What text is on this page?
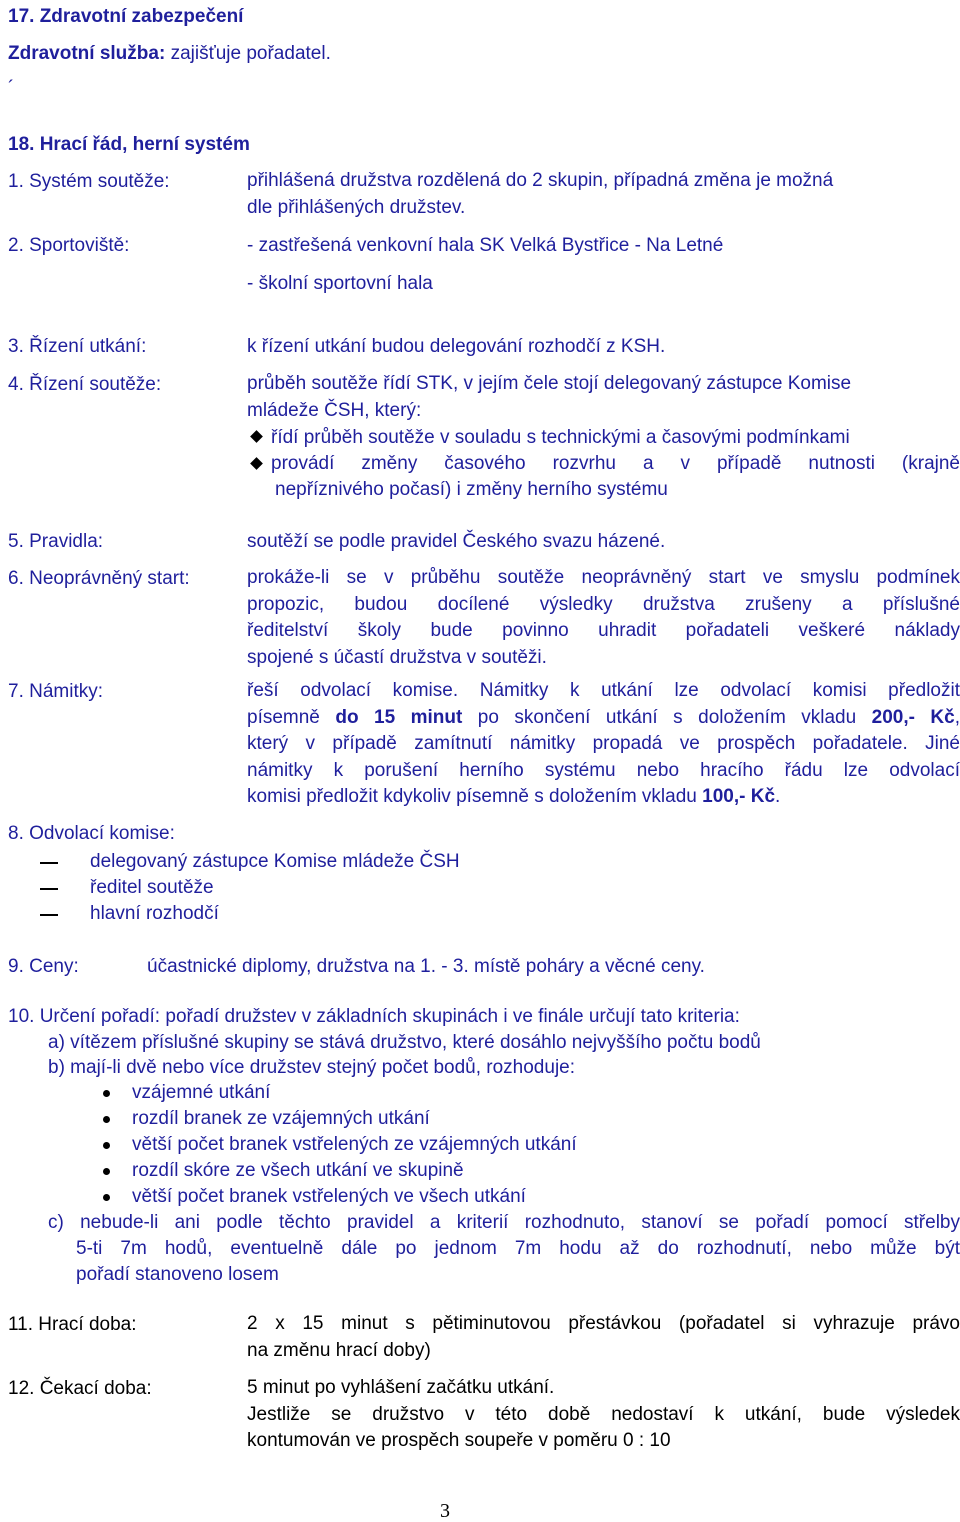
17. Zdravotní zabezpečení
Zdravotní služba: zajišťuje pořadatel.
´
18. Hrací řád, herní systém
1. Systém soutěže:	přihlášená družstva rozdělená do 2 skupin, případná změna je možná
dle přihlášených družstev.
2. Sportoviště:	- zastřešená venkovní hala SK Velká Bystřice - Na Letné
- školní sportovní hala
3. Řízení utkání:	k řízení utkání budou delegování rozhodčí z KSH.
4. Řízení soutěže:	průběh soutěže řídí STK, v jejím čele stojí delegovaný zástupce Komise
mládeže ČSH, který:
řídí průběh soutěže v souladu s technickými a časovými podmínkami
provádí změny časového rozvrhu a v případě nutnosti (krajně
nepříznivého počasí) i změny herního systému
5. Pravidla:	soutěží se podle pravidel Českého svazu házené.
6. Neoprávněný start:	prokáže-li se v průběhu soutěže neoprávněný start ve smyslu podmínek
propozic, budou docílené výsledky družstva zrušeny a příslušné
ředitelství školy bude povinno uhradit pořadateli veškeré náklady
spojené s účastí družstva v soutěži.
7. Námitky:	řeší odvolací komise. Námitky k utkání lze odvolací komisi předložit
písemně do 15 minut po skončení utkání s doložením vkladu 200,- Kč,
který v případě zamítnutí námitky propadá ve prospěch pořadatele. Jiné
námitky k porušení herního systému nebo hracího řádu lze odvolací
komisi předložit kdykoliv písemně s doložením vkladu 100,- Kč.
8. Odvolací komise:
delegovaný zástupce Komise mládeže ČSH
ředitel soutěže
hlavní rozhodčí
9. Ceny:	účastnické diplomy, družstva na 1. - 3. místě poháry a věcné ceny.
10. Určení pořadí: pořadí družstev v základních skupinách i ve finále určují tato kriteria:
a) vítězem příslušné skupiny se stává družstvo, které dosáhlo nejvyššího počtu bodů
b) mají-li dvě nebo více družstev stejný počet bodů, rozhoduje:
vzájemné utkání
rozdíl branek ze vzájemných utkání
větší počet branek vstřelených ze vzájemných utkání
rozdíl skóre ze všech utkání ve skupině
větší počet branek vstřelených ve všech utkání
c) nebude-li ani podle těchto pravidel a kriterií rozhodnuto, stanoví se pořadí pomocí střelby
5-ti 7m hodů, eventuelně dále po jednom 7m hodu až do rozhodnutí, nebo může být
pořadí stanoveno losem
11. Hrací doba:	2 x 15 minut s pětiminutovou přestávkou (pořadatel si vyhrazuje právo
na změnu hrací doby)
12. Čekací doba:	5 minut po vyhlášení začátku utkání.
Jestliže se družstvo v této době nedostaví k utkání, bude výsledek
kontumován ve prospěch soupeře v poměru 0 : 10
3
